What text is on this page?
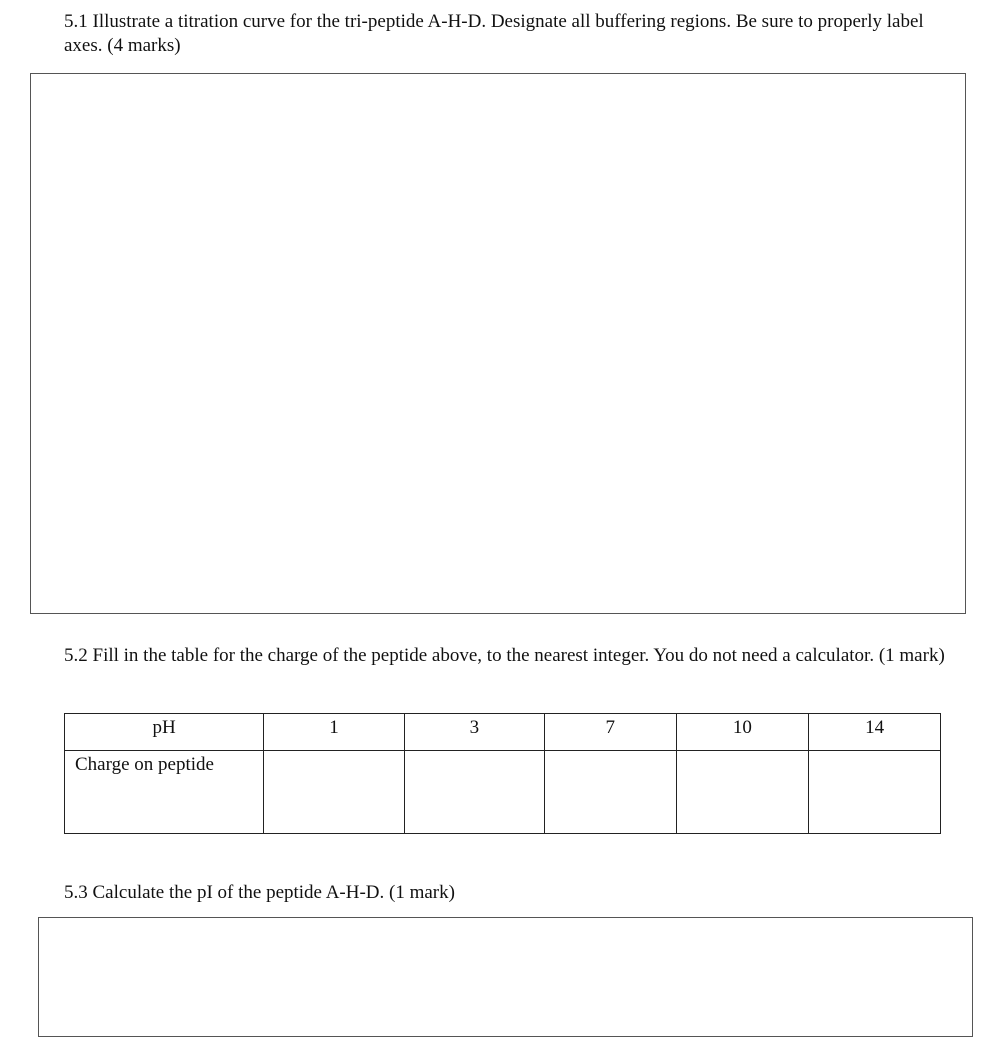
5.1 Illustrate a titration curve for the tri-peptide A-H-D. Designate all buffering regions. Be sure to properly label axes. (4 marks)

5.2 Fill in the table for the charge of the peptide above, to the nearest integer. You do not need a calculator. (1 mark)

pH	1	3	7	10	14
Charge on peptide					

5.3 Calculate the pI of the peptide A-H-D. (1 mark)
